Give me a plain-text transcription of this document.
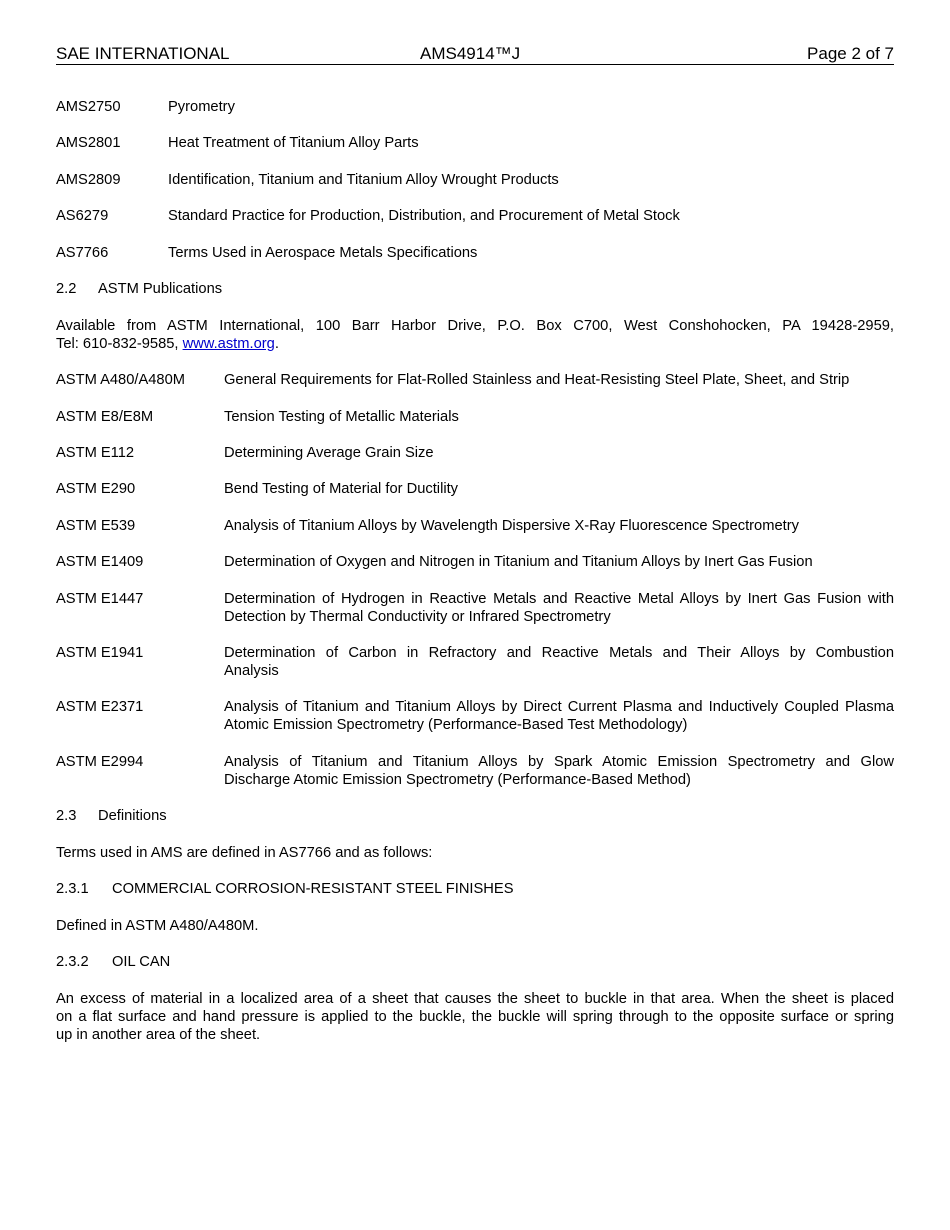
SAE INTERNATIONAL	AMS4914™J	Page 2 of 7
AMS2750	Pyrometry
AMS2801	Heat Treatment of Titanium Alloy Parts
AMS2809	Identification, Titanium and Titanium Alloy Wrought Products
AS6279	Standard Practice for Production, Distribution, and Procurement of Metal Stock
AS7766	Terms Used in Aerospace Metals Specifications
2.2 ASTM Publications
Available from ASTM International, 100 Barr Harbor Drive, P.O. Box C700, West Conshohocken, PA 19428-2959,
Tel: 610-832-9585, www.astm.org.
ASTM A480/A480M	General Requirements for Flat-Rolled Stainless and Heat-Resisting Steel Plate, Sheet, and Strip
ASTM E8/E8M	Tension Testing of Metallic Materials
ASTM E112	Determining Average Grain Size
ASTM E290	Bend Testing of Material for Ductility
ASTM E539	Analysis of Titanium Alloys by Wavelength Dispersive X-Ray Fluorescence Spectrometry
ASTM E1409	Determination of Oxygen and Nitrogen in Titanium and Titanium Alloys by Inert Gas Fusion
ASTM E1447	Determination of Hydrogen in Reactive Metals and Reactive Metal Alloys by Inert Gas Fusion with
Detection by Thermal Conductivity or Infrared Spectrometry
ASTM E1941	Determination of Carbon in Refractory and Reactive Metals and Their Alloys by Combustion
Analysis
ASTM E2371	Analysis of Titanium and Titanium Alloys by Direct Current Plasma and Inductively Coupled Plasma
Atomic Emission Spectrometry (Performance-Based Test Methodology)
ASTM E2994	Analysis of Titanium and Titanium Alloys by Spark Atomic Emission Spectrometry and Glow
Discharge Atomic Emission Spectrometry (Performance-Based Method)
2.3 Definitions
Terms used in AMS are defined in AS7766 and as follows:
2.3.1 COMMERCIAL CORROSION-RESISTANT STEEL FINISHES
Defined in ASTM A480/A480M.
2.3.2 OIL CAN
An excess of material in a localized area of a sheet that causes the sheet to buckle in that area. When the sheet is placed
on a flat surface and hand pressure is applied to the buckle, the buckle will spring through to the opposite surface or spring
up in another area of the sheet.
